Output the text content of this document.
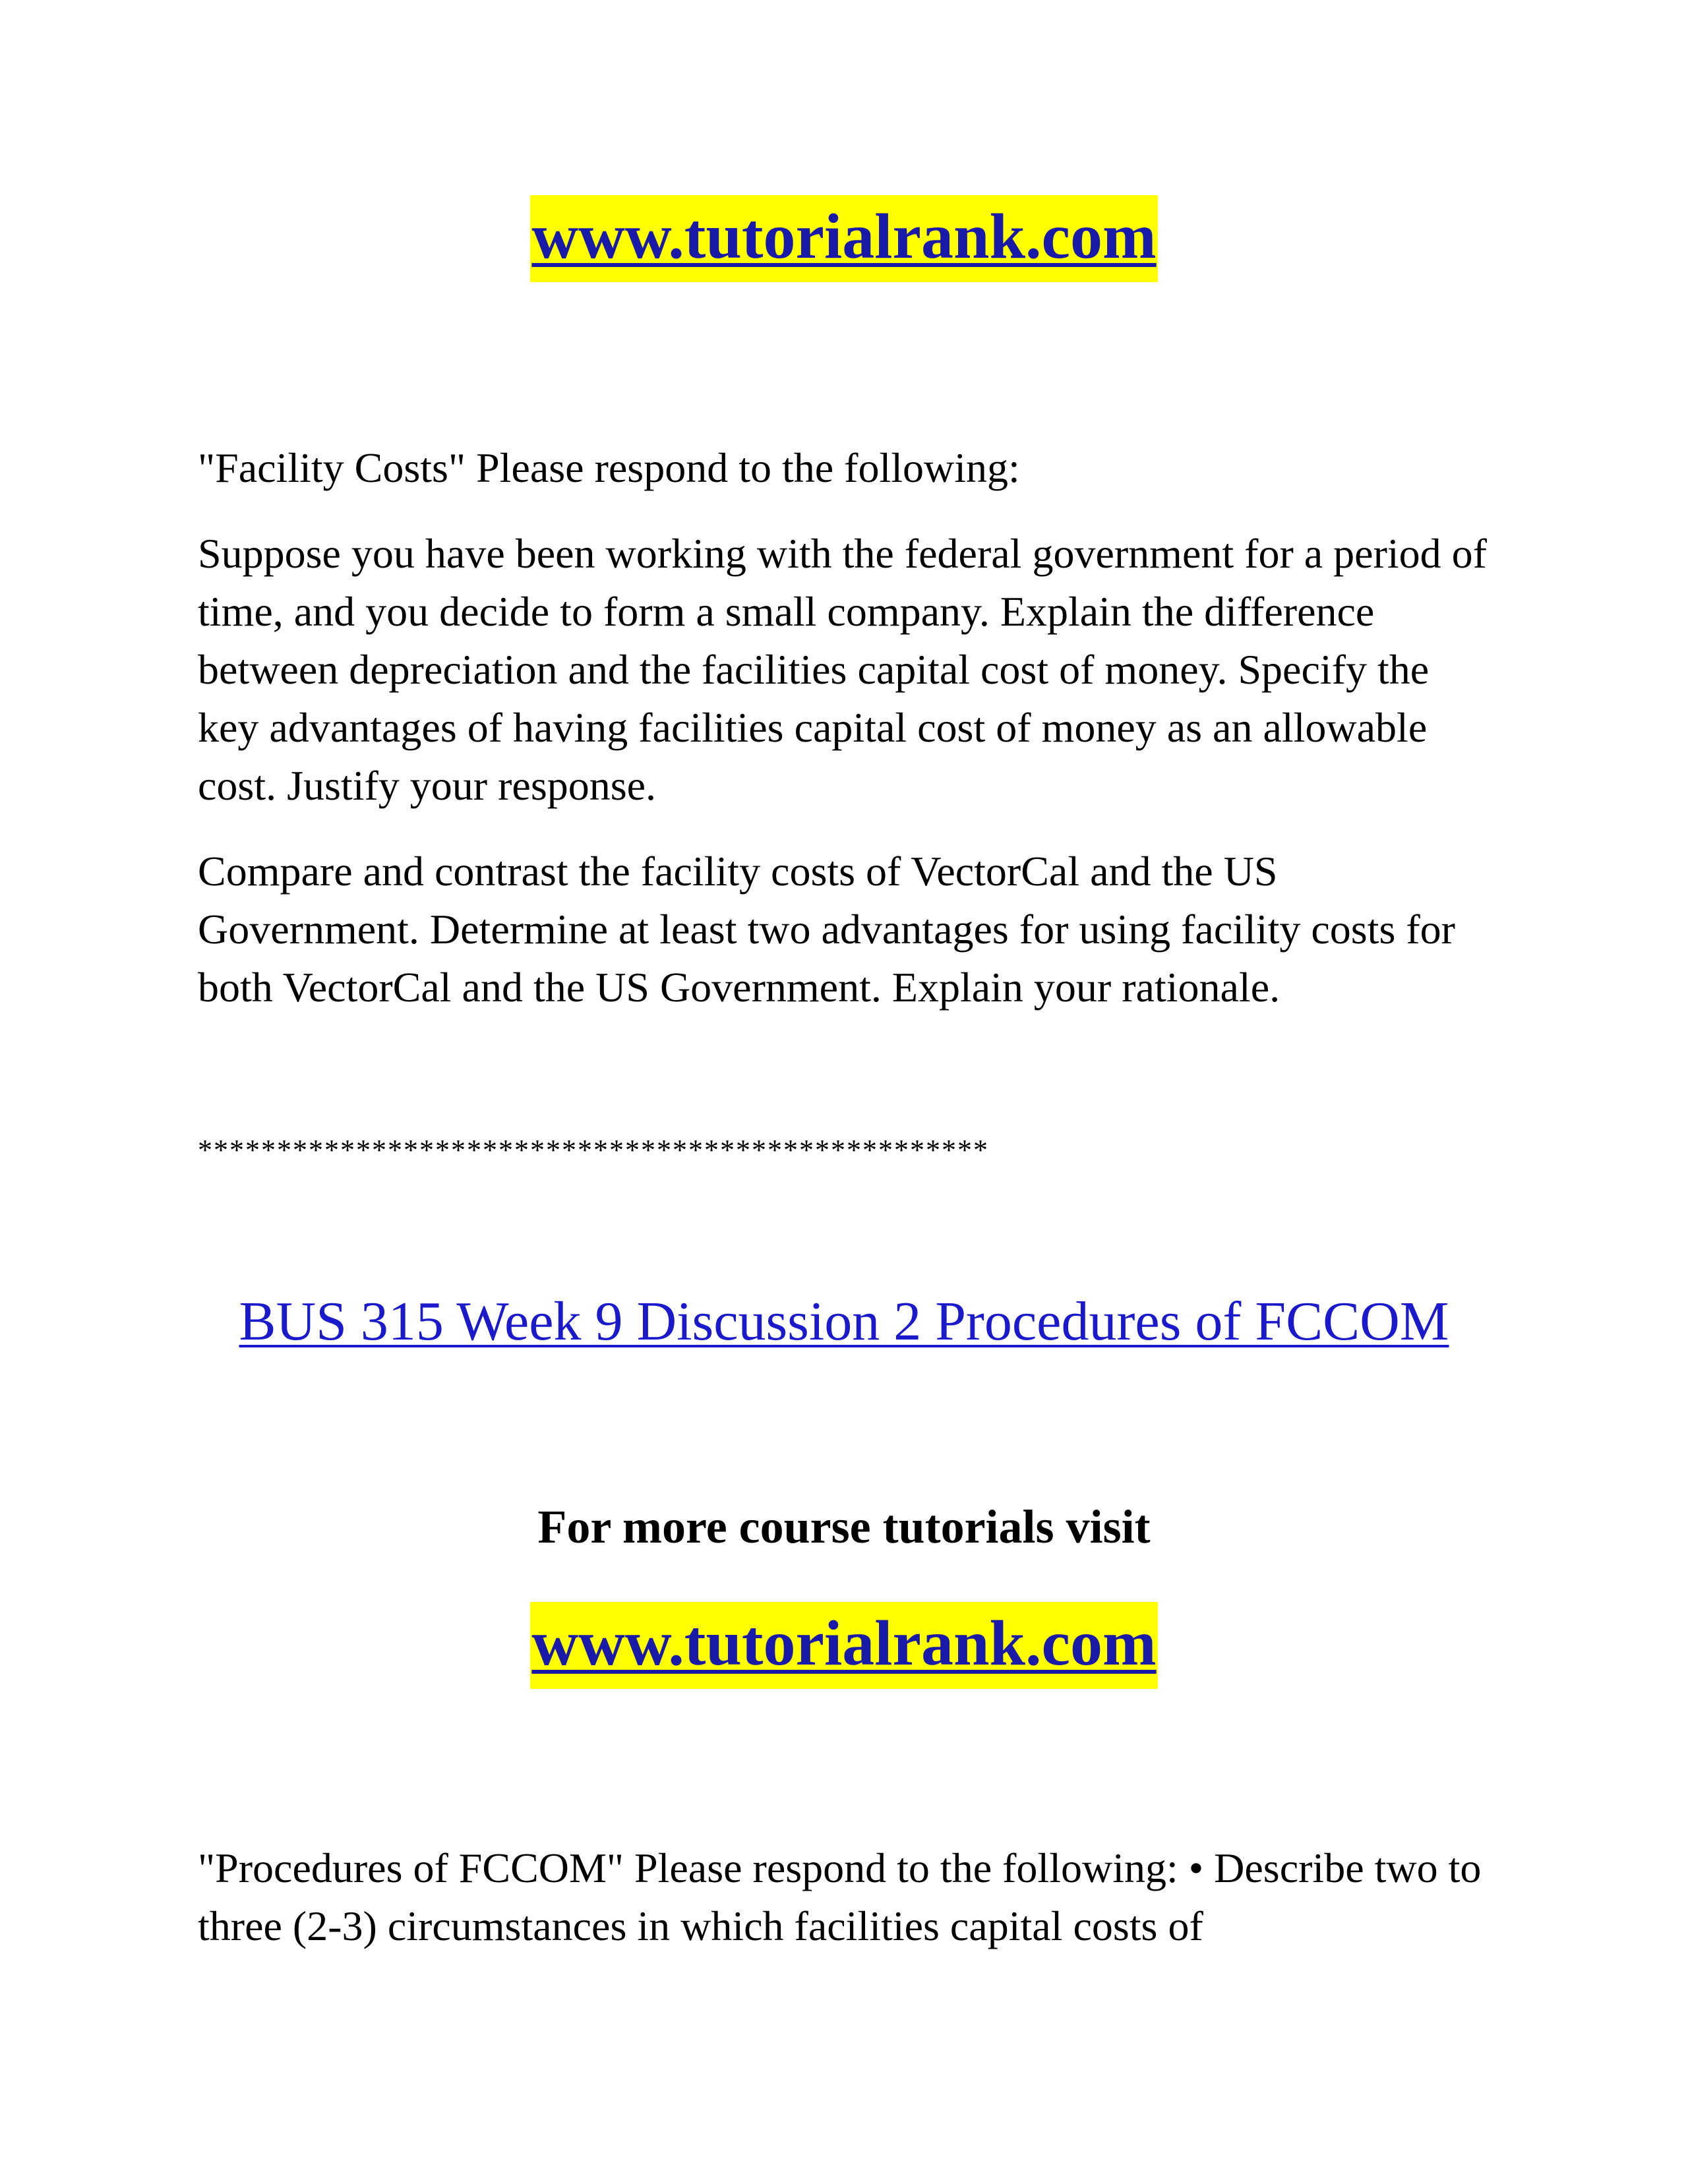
www.tutorialrank.com

"Facility Costs" Please respond to the following:

Suppose you have been working with the federal government for a period of time, and you decide to form a small company. Explain the difference between depreciation and the facilities capital cost of money. Specify the key advantages of having facilities capital cost of money as an allowable cost. Justify your response.

Compare and contrast the facility costs of VectorCal and the US Government. Determine at least two advantages for using facility costs for both VectorCal and the US Government. Explain your rationale.

**************************************************
BUS 315 Week 9 Discussion 2 Procedures of FCCOM
For more course tutorials visit
www.tutorialrank.com

"Procedures of FCCOM" Please respond to the following: • Describe two to three (2-3) circumstances in which facilities capital costs of
